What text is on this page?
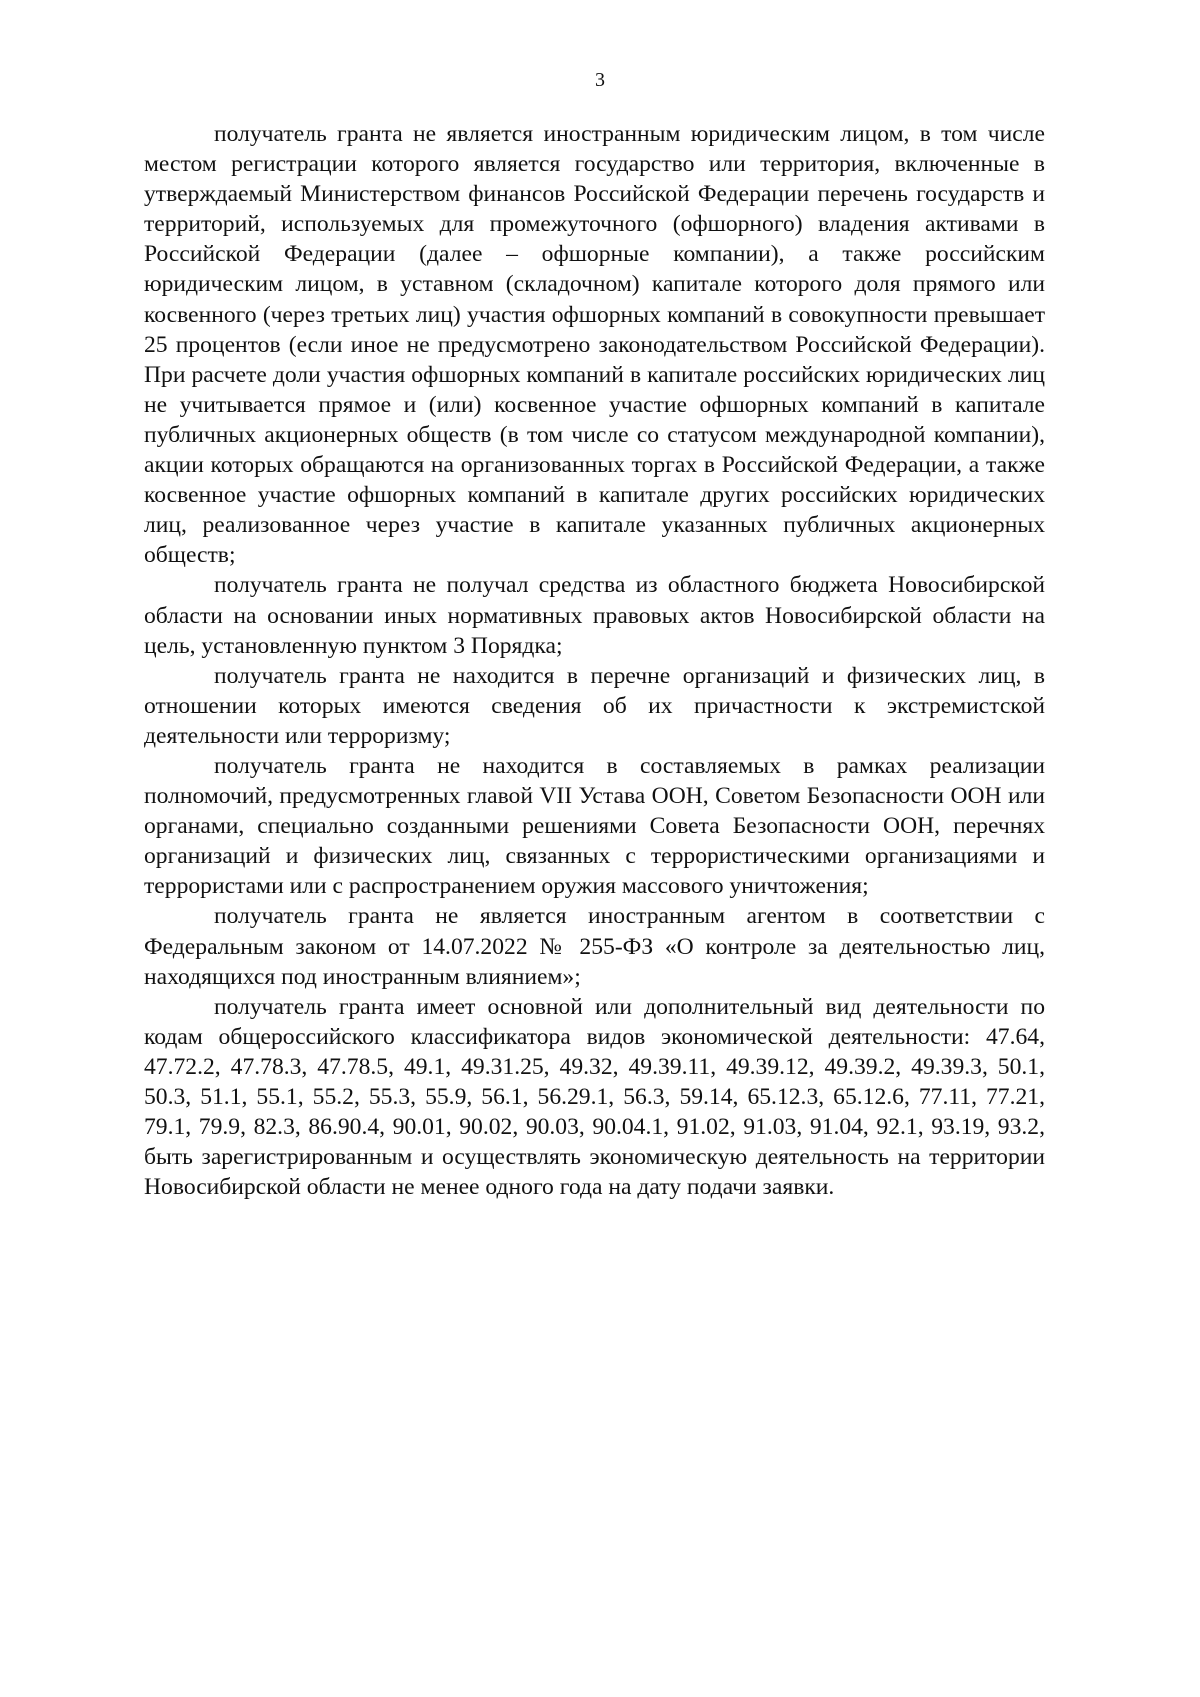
3

получатель гранта не является иностранным юридическим лицом, в том числе местом регистрации которого является государство или территория, включенные в утверждаемый Министерством финансов Российской Федерации перечень государств и территорий, используемых для промежуточного (офшорного) владения активами в Российской Федерации (далее – офшорные компании), а также российским юридическим лицом, в уставном (складочном) капитале которого доля прямого или косвенного (через третьих лиц) участия офшорных компаний в совокупности превышает 25 процентов (если иное не предусмотрено законодательством Российской Федерации). При расчете доли участия офшорных компаний в капитале российских юридических лиц не учитывается прямое и (или) косвенное участие офшорных компаний в капитале публичных акционерных обществ (в том числе со статусом международной компании), акции которых обращаются на организованных торгах в Российской Федерации, а также косвенное участие офшорных компаний в капитале других российских юридических лиц, реализованное через участие в капитале указанных публичных акционерных обществ;

получатель гранта не получал средства из областного бюджета Новосибирской области на основании иных нормативных правовых актов Новосибирской области на цель, установленную пунктом 3 Порядка;

получатель гранта не находится в перечне организаций и физических лиц, в отношении которых имеются сведения об их причастности к экстремистской деятельности или терроризму;

получатель гранта не находится в составляемых в рамках реализации полномочий, предусмотренных главой VII Устава ООН, Советом Безопасности ООН или органами, специально созданными решениями Совета Безопасности ООН, перечнях организаций и физических лиц, связанных с террористическими организациями и террористами или с распространением оружия массового уничтожения;

получатель гранта не является иностранным агентом в соответствии с Федеральным законом от 14.07.2022 № 255-ФЗ «О контроле за деятельностью лиц, находящихся под иностранным влиянием»;

получатель гранта имеет основной или дополнительный вид деятельности по кодам общероссийского классификатора видов экономической деятельности: 47.64, 47.72.2, 47.78.3, 47.78.5, 49.1, 49.31.25, 49.32, 49.39.11, 49.39.12, 49.39.2, 49.39.3, 50.1, 50.3, 51.1, 55.1, 55.2, 55.3, 55.9, 56.1, 56.29.1, 56.3, 59.14, 65.12.3, 65.12.6, 77.11, 77.21, 79.1, 79.9, 82.3, 86.90.4, 90.01, 90.02, 90.03, 90.04.1, 91.02, 91.03, 91.04, 92.1, 93.19, 93.2, быть зарегистрированным и осуществлять экономическую деятельность на территории Новосибирской области не менее одного года на дату подачи заявки.
